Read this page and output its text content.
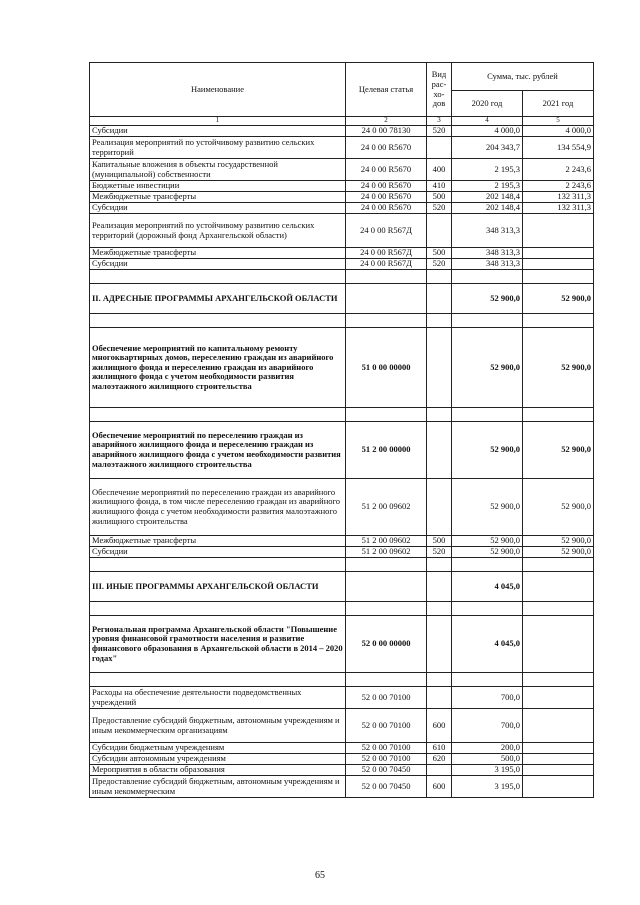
Наименование	Целевая статья	Вид рас- хо- дов	Сумма, тыс. рублей	
			2020 год	2021 год
1	2	3	4	5
Субсидии	24 0 00 78130	520	4 000,0	4 000,0
Реализация мероприятий по устойчивому развитию сельских территорий	24 0 00 R5670		204 343,7	134 554,9
Капитальные вложения в объекты государственной (муниципальной) собственности	24 0 00 R5670	400	2 195,3	2 243,6
Бюджетные инвестиции	24 0 00 R5670	410	2 195,3	2 243,6
Межбюджетные трансферты	24 0 00 R5670	500	202 148,4	132 311,3
Субсидии	24 0 00 R5670	520	202 148,4	132 311,3
Реализация мероприятий по устойчивому развитию сельских территорий (дорожный фонд Архангельской области)	24 0 00 R567Д		348 313,3	
Межбюджетные трансферты	24 0 00 R567Д	500	348 313,3	
Субсидии	24 0 00 R567Д	520	348 313,3	

II. АДРЕСНЫЕ ПРОГРАММЫ АРХАНГЕЛЬСКОЙ ОБЛАСТИ			52 900,0	52 900,0

Обеспечение мероприятий по капитальному ремонту многоквартирных домов, переселению граждан из аварийного жилищного фонда и переселению граждан из аварийного жилищного фонда с учетом необходимости развития малоэтажного жилищного строительства	51 0 00 00000		52 900,0	52 900,0

Обеспечение мероприятий по переселению граждан из аварийного жилищного фонда и переселению граждан из аварийного жилищного фонда с учетом необходимости развития малоэтажного жилищного строительства	51 2 00 00000		52 900,0	52 900,0
Обеспечение мероприятий по переселению граждан из аварийного жилищного фонда, в том числе переселению граждан из аварийного жилищного фонда с учетом необходимости развития малоэтажного жилищного строительства	51 2 00 09602		52 900,0	52 900,0
Межбюджетные трансферты	51 2 00 09602	500	52 900,0	52 900,0
Субсидии	51 2 00 09602	520	52 900,0	52 900,0

III. ИНЫЕ ПРОГРАММЫ АРХАНГЕЛЬСКОЙ ОБЛАСТИ			4 045,0	

Региональная программа Архангельской области "Повышение уровня финансовой грамотности населения и развитие финансового образования в Архангельской области в 2014 – 2020 годах"	52 0 00 00000		4 045,0	

Расходы на обеспечение деятельности подведомственных учреждений	52 0 00 70100		700,0	
Предоставление субсидий бюджетным, автономным учреждениям и иным некоммерческим организациям	52 0 00 70100	600	700,0	
Субсидии бюджетным учреждениям	52 0 00 70100	610	200,0	
Субсидии автономным учреждениям	52 0 00 70100	620	500,0	
Мероприятия в области образования	52 0 00 70450		3 195,0	
Предоставление субсидий бюджетным, автономным учреждениям и иным некоммерческим	52 0 00 70450	600	3 195,0	
65
